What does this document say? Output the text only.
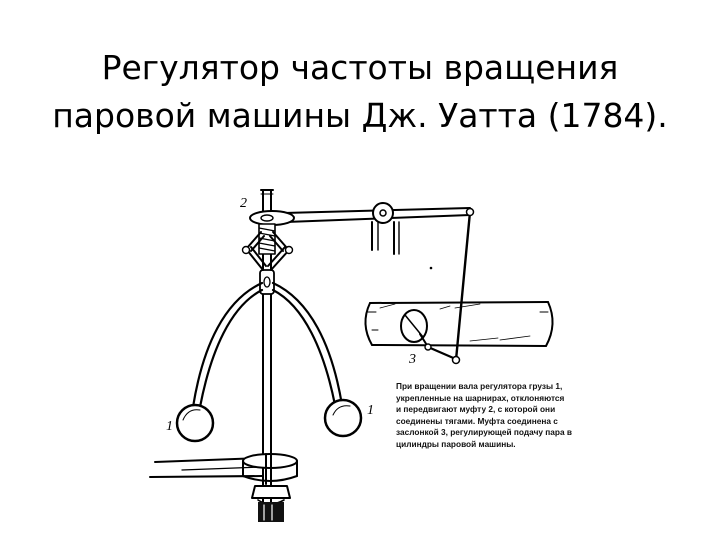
Регулятор частоты вращения
паровой машины Дж. Уатта (1784).
1
1
2
3
При вращении вала регулятора грузы 1,
укрепленные на шарнирах, отклоняются
и передвигают муфту 2, с которой они
соединены тягами. Муфта соединена с
заслонкой 3, регулирующей подачу пара в
цилиндры паровой машины.
